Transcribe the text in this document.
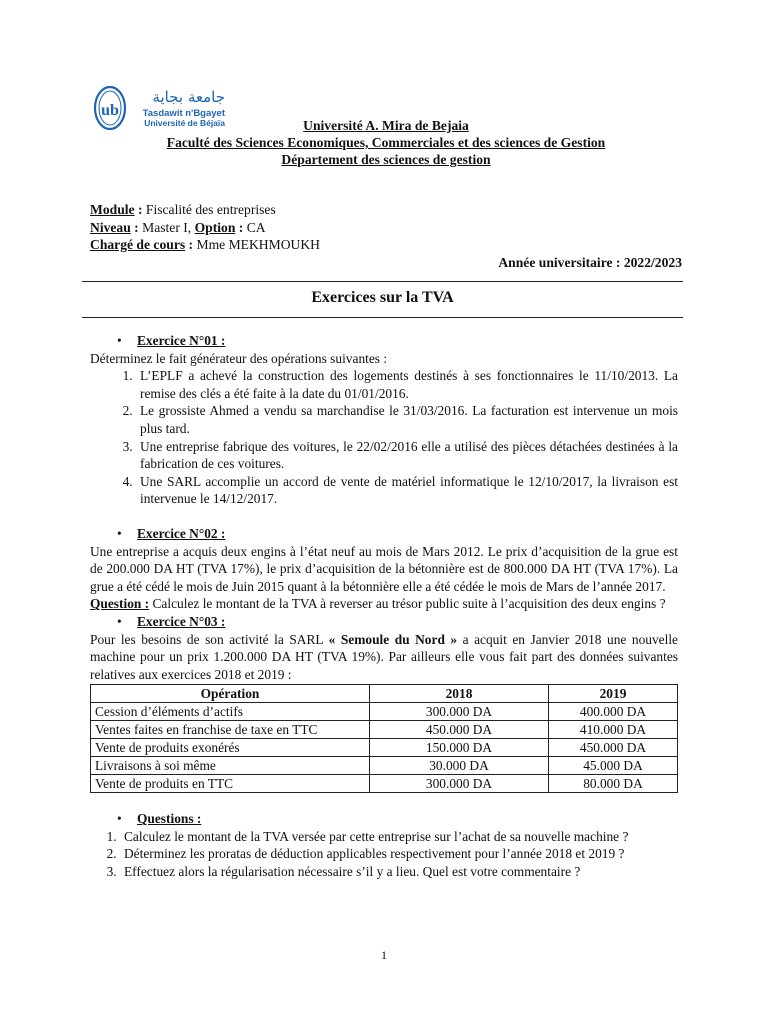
ub
جامعة بجاية
Tasdawit n'Bgayet
Université de Béjaïa	Université A. Mira de Bejaia
Faculté des Sciences Economiques, Commerciales et des sciences de Gestion
Département des sciences de gestion
Module : Fiscalité des entreprises
Niveau : Master I, Option : CA
Chargé de cours : Mme MEKHMOUKH
Année universitaire : 2022/2023
Exercices sur la TVA
• Exercice N°01 :

Déterminez le fait générateur des opérations suivantes :

1. L’EPLF a achevé la construction des logements destinés à ses fonctionnaires le 11/10/2013. La remise des clés a été faite à la date du 01/01/2016.
2. Le grossiste Ahmed a vendu sa marchandise le 31/03/2016. La facturation est intervenue un mois plus tard.
3. Une entreprise fabrique des voitures, le 22/02/2016 elle a utilisé des pièces détachées destinées à la fabrication de ces voitures.
4. Une SARL accomplie un accord de vente de matériel informatique le 12/10/2017, la livraison est intervenue le 14/12/2017.
• Exercice N°02 :

Une entreprise a acquis deux engins à l’état neuf au mois de Mars 2012. Le prix d’acquisition de la grue est de 200.000 DA HT (TVA 17%), le prix d’acquisition de la bétonnière est de 800.000 DA HT (TVA 17%). La grue a été cédé le mois de Juin 2015 quant à la bétonnière elle a été cédée le mois de Mars de l’année 2017.

Question : Calculez le montant de la TVA à reverser au trésor public suite à l’acquisition des deux engins ?

• Exercice N°03 :

Pour les besoins de son activité la SARL « Semoule du Nord » a acquit en Janvier 2018 une nouvelle machine pour un prix 1.200.000 DA HT (TVA 19%). Par ailleurs elle vous fait part des données suivantes relatives aux exercices 2018 et 2019 :

Opération	2018	2019
Cession d’éléments d’actifs	300.000 DA	400.000 DA
Ventes faites en franchise de taxe en TTC	450.000 DA	410.000 DA
Vente de produits exonérés	150.000 DA	450.000 DA
Livraisons à soi même	30.000 DA	45.000 DA
Vente de produits en TTC	300.000 DA	80.000 DA
• Questions :
1. Calculez le montant de la TVA versée par cette entreprise sur l’achat de sa nouvelle machine ?
2. Déterminez les proratas de déduction applicables respectivement pour l’année 2018 et 2019 ?
3. Effectuez alors la régularisation nécessaire s’il y a lieu. Quel est votre commentaire ?
1
